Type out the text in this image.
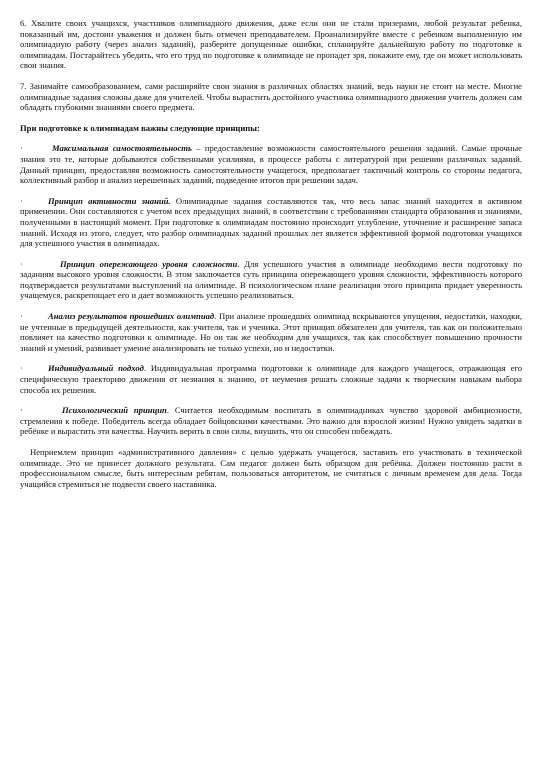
6. Хвалите своих учащихся, участников олимпиадного движения, даже если они не стали призерами, любой результат ребенка, показанный им, достоин уважения и должен быть отмечен преподавателем. Проанализируйте вместе с ребенком выполненную им олимпиадную работу (через анализ заданий), разберите допущенные ошибки, спланируйте дальнейшую работу по подготовке к олимпиадам. Постарайтесь убедить, что его труд по подготовке к олимпиаде не пропадет зря, покажите ему, где он может использовать свои знания.

7. Занимайте самообразованием, сами расширяйте свои знания в различных областях знаний, ведь науки не стоит на месте. Многие олимпиадные задания сложны даже для учителей. Чтобы вырастить достойного участника олимпиадного движения учитель должен сам обладать глубокими знаниями своего предмета.

При подготовке к олимпиадам важны следующие принципы:

·	Максимальная самостоятельность – предоставление возможности самостоятельного решения заданий. Самые прочные знания это те, которые добываются собственными усилиями, в процессе работы с литературой при решении различных заданий. Данный принцип, предоставляя возможность самостоятельности учащегося, предполагает тактичный контроль со стороны педагога, коллективный разбор и анализ нерешенных заданий, подведение итогов при решении задач.

·	Принцип активности знаний. Олимпиадные задания составляются так, что весь запас знаний находится в активном применении. Они составляются с учетом всех предыдущих знаний, в соответствии с требованиями стандарта образования и знаниями, полученными в настоящий момент. При подготовке к олимпиадам постоянно происходит углубление, уточнение и расширение запаса знаний. Исходя из этого, следует, что разбор олимпиадных заданий прошлых лет является эффективной формой подготовки учащихся для успешного участия в олимпиадах.

·	Принцип опережающего уровня сложности. Для успешного участия в олимпиаде необходимо вести подготовку по заданиям высокого уровня сложности. В этом заключается суть принципа опережающего уровня сложности, эффективность которого подтверждается результатами выступлений на олимпиаде. В психологическом плане реализация этого принципа придает уверенность учащемуся, раскрепощает его и дает возможность успешно реализоваться.

·	Анализ результатов прошедших олимпиад. При анализе прошедших олимпиад вскрываются упущения, недостатки, находки, не учтенные в предыдущей деятельности, как учителя, так и ученика. Этот принцип обязателен для учителя, так как он положительно повлияет на качество подготовки к олимпиаде. Но он так же необходим для учащихся, так как способствует повышению прочности знаний и умений, развивает умение анализировать не только успехи, но и недостатки.

·	Индивидуальный подход. Индивидуальная программа подготовки к олимпиаде для каждого учащегося, отражающая его специфическую траекторию движения от незнания к знанию, от неумения решать сложные задачи к творческим навыкам выбора способа их решения.

·	Психологический принцип. Считается необходимым воспитать в олимпиадниках чувство здоровой амбициозности, стремления к победе. Победитель всегда обладает бойцовскими качествами. Это важно для взрослой жизни! Нужно увидеть задатки в ребёнке и вырастить эти качества. Научить верить в свои силы, внушить, что он способен побеждать.

Неприемлем принцип «административного давления» с целью удержать учащегося, заставить его участвовать в технической олимпиаде. Это не принесет должного результата. Сам педагог должен быть образцом для ребёнка. Должен постоянно расти в профессиональном смысле, быть интересным ребятам, пользоваться авторитетом, не считаться с личным временем для дела. Тогда учащийся стремиться не подвести своего наставника.
